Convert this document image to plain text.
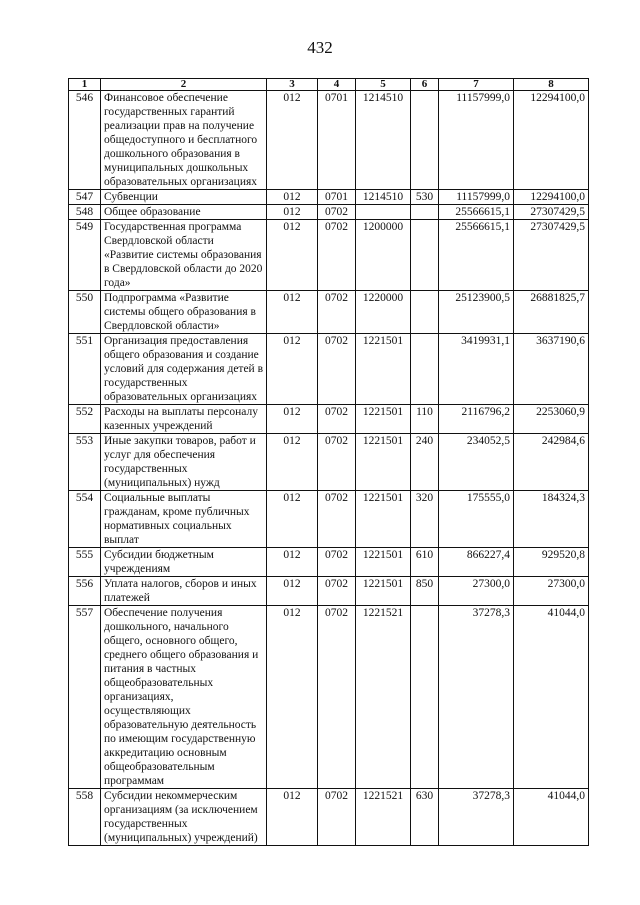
432
1	2	3	4	5	6	7	8
546	Финансовое обеспечение государственных гарантий реализации прав на получение общедоступного и бесплатного дошкольного образования в муниципальных дошкольных образовательных организациях	012	0701	1214510		11157999,0	12294100,0
547	Субвенции	012	0701	1214510	530	11157999,0	12294100,0
548	Общее образование	012	0702			25566615,1	27307429,5
549	Государственная программа Свердловской области «Развитие системы образования в Свердловской области до 2020 года»	012	0702	1200000		25566615,1	27307429,5
550	Подпрограмма «Развитие системы общего образования в Свердловской области»	012	0702	1220000		25123900,5	26881825,7
551	Организация предоставления общего образования и создание условий для содержания детей в государственных образовательных организациях	012	0702	1221501		3419931,1	3637190,6
552	Расходы на выплаты персоналу казенных учреждений	012	0702	1221501	110	2116796,2	2253060,9
553	Иные закупки товаров, работ и услуг для обеспечения государственных (муниципальных) нужд	012	0702	1221501	240	234052,5	242984,6
554	Социальные выплаты гражданам, кроме публичных нормативных социальных выплат	012	0702	1221501	320	175555,0	184324,3
555	Субсидии бюджетным учреждениям	012	0702	1221501	610	866227,4	929520,8
556	Уплата налогов, сборов и иных платежей	012	0702	1221501	850	27300,0	27300,0
557	Обеспечение получения дошкольного, начального общего, основного общего, среднего общего образования и питания в частных общеобразовательных организациях, осуществляющих образовательную деятельность по имеющим государственную аккредитацию основным общеобразовательным программам	012	0702	1221521		37278,3	41044,0
558	Субсидии некоммерческим организациям (за исключением государственных (муниципальных) учреждений)	012	0702	1221521	630	37278,3	41044,0
